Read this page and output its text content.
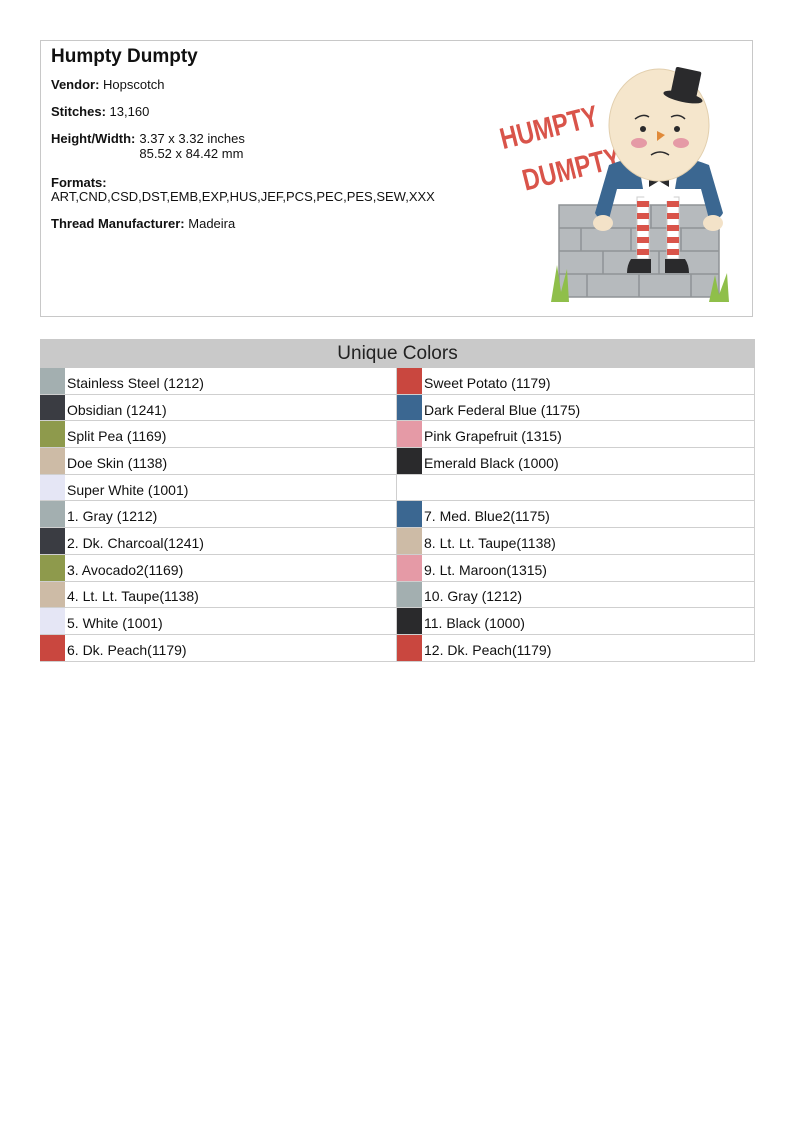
Humpty Dumpty
Vendor: Hopscotch
Stitches: 13,160
Height/Width: 3.37 x 3.32 inches
85.52 x 84.42 mm
Formats:
ART,CND,CSD,DST,EMB,EXP,HUS,JEF,PCS,PEC,PES,SEW,XXX
Thread Manufacturer: Madeira
HUMPTY
DUMPTY
Unique Colors
Stainless Steel (1212)	Sweet Potato (1179)
Obsidian (1241)	Dark Federal Blue (1175)
Split Pea (1169)	Pink Grapefruit (1315)
Doe Skin (1138)	Emerald Black (1000)
Super White (1001)
1. Gray (1212)	7. Med. Blue2(1175)
2. Dk. Charcoal(1241)	8. Lt. Lt. Taupe(1138)
3. Avocado2(1169)	9. Lt. Maroon(1315)
4. Lt. Lt. Taupe(1138)	10. Gray (1212)
5. White (1001)	11. Black (1000)
6. Dk. Peach(1179)	12. Dk. Peach(1179)
